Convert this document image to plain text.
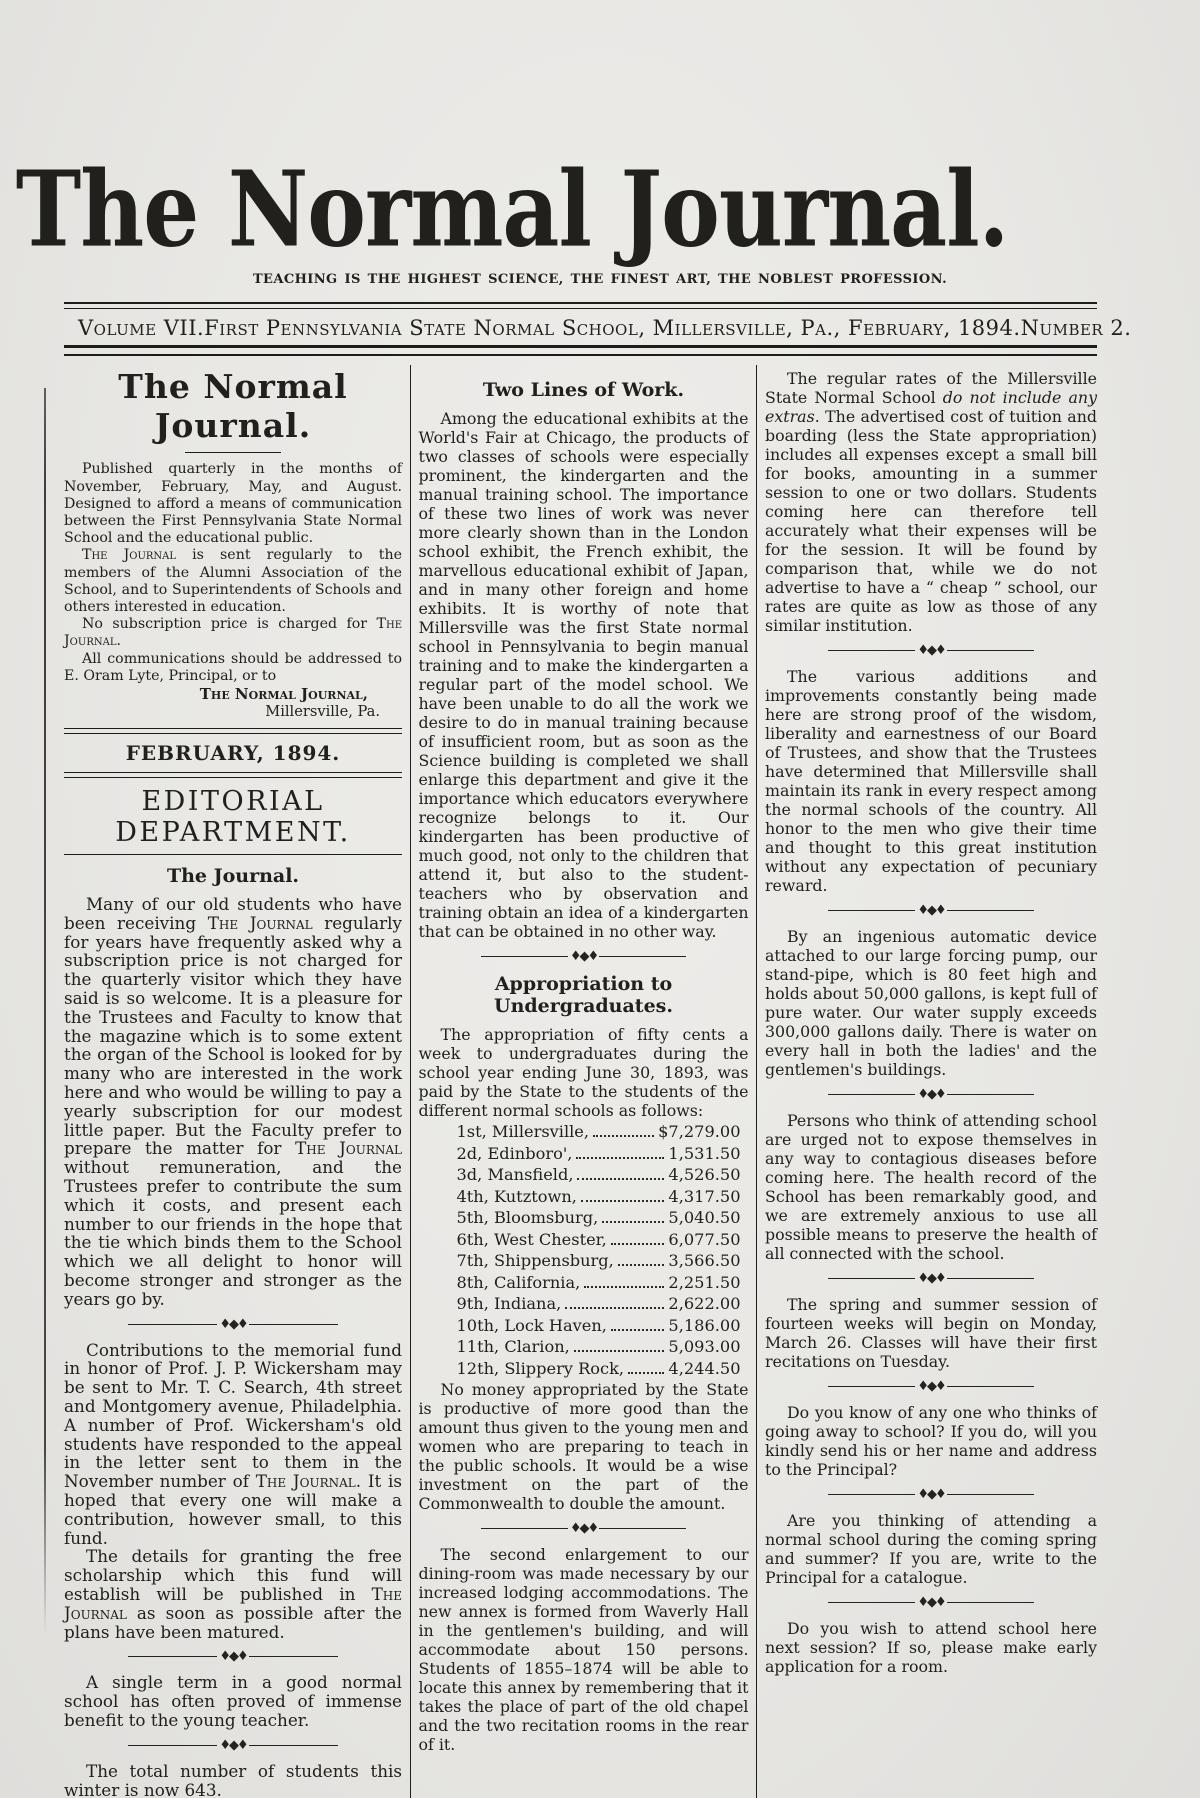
The Normal Journal.
TEACHING IS THE HIGHEST SCIENCE, THE FINEST ART, THE NOBLEST PROFESSION.
Volume VII. First Pennsylvania State Normal School, Millersville, Pa., February, 1894. Number 2.
The Normal Journal.

Published quarterly in the months of November, February, May, and August. Designed to afford a means of communication between the First Pennsylvania State Normal School and the educational public.

The Journal is sent regularly to the members of the Alumni Association of the School, and to Superintendents of Schools and others interested in education.

No subscription price is charged for The Journal.

All communications should be addressed to E. Oram Lyte, Principal, or to

The Normal Journal,

Millersville, Pa.

FEBRUARY, 1894.
EDITORIAL DEPARTMENT.
The Journal.

Many of our old students who have been receiving The Journal regularly for years have frequently asked why a subscription price is not charged for the quarterly visitor which they have said is so welcome. It is a pleasure for the Trustees and Faculty to know that the magazine which is to some extent the organ of the School is looked for by many who are interested in the work here and who would be willing to pay a yearly subscription for our modest little paper. But the Faculty prefer to prepare the matter for The Journal without remuneration, and the Trustees prefer to contribute the sum which it costs, and present each number to our friends in the hope that the tie which binds them to the School which we all delight to honor will become stronger and stronger as the years go by.

♦◆♦

Contributions to the memorial fund in honor of Prof. J. P. Wickersham may be sent to Mr. T. C. Search, 4th street and Montgomery avenue, Philadelphia. A number of Prof. Wickersham's old students have responded to the appeal in the letter sent to them in the November number of The Journal. It is hoped that every one will make a contribution, however small, to this fund.

The details for granting the free scholarship which this fund will establish will be published in The Journal as soon as possible after the plans have been matured.

♦◆♦

A single term in a good normal school has often proved of immense benefit to the young teacher.

♦◆♦

The total number of students this winter is now 643.

Two Lines of Work.

Among the educational exhibits at the World's Fair at Chicago, the products of two classes of schools were especially prominent, the kindergarten and the manual training school. The importance of these two lines of work was never more clearly shown than in the London school exhibit, the French exhibit, the marvellous educational exhibit of Japan, and in many other foreign and home exhibits. It is worthy of note that Millersville was the first State normal school in Pennsylvania to begin manual training and to make the kindergarten a regular part of the model school. We have been unable to do all the work we desire to do in manual training because of insufficient room, but as soon as the Science building is completed we shall enlarge this department and give it the importance which educators everywhere recognize belongs to it. Our kindergarten has been productive of much good, not only to the children that attend it, but also to the student-teachers who by observation and training obtain an idea of a kindergarten that can be obtained in no other way.

♦◆♦
Appropriation to Undergraduates.

The appropriation of fifty cents a week to undergraduates during the school year ending June 30, 1893, was paid by the State to the students of the different normal schools as follows:

1st, Millersville,	$7,279.00
2d, Edinboro',	1,531.50
3d, Mansfield,	4,526.50
4th, Kutztown,	4,317.50
5th, Bloomsburg,	5,040.50
6th, West Chester,	6,077.50
7th, Shippensburg,	3,566.50
8th, California,	2,251.50
9th, Indiana,	2,622.00
10th, Lock Haven,	5,186.00
11th, Clarion,	5,093.00
12th, Slippery Rock,	4,244.50

No money appropriated by the State is productive of more good than the amount thus given to the young men and women who are preparing to teach in the public schools. It would be a wise investment on the part of the Commonwealth to double the amount.

♦◆♦

The second enlargement to our dining-room was made necessary by our increased lodging accommodations. The new annex is formed from Waverly Hall in the gentlemen's building, and will accommodate about 150 persons. Students of 1855–1874 will be able to locate this annex by remembering that it takes the place of part of the old chapel and the two recitation rooms in the rear of it.

The regular rates of the Millersville State Normal School do not include any extras. The advertised cost of tuition and boarding (less the State appropriation) includes all expenses except a small bill for books, amounting in a summer session to one or two dollars. Students coming here can therefore tell accurately what their expenses will be for the session. It will be found by comparison that, while we do not advertise to have a “ cheap ” school, our rates are quite as low as those of any similar institution.

♦◆♦

The various additions and improvements constantly being made here are strong proof of the wisdom, liberality and earnestness of our Board of Trustees, and show that the Trustees have determined that Millersville shall maintain its rank in every respect among the normal schools of the country. All honor to the men who give their time and thought to this great institution without any expectation of pecuniary reward.

♦◆♦

By an ingenious automatic device attached to our large forcing pump, our stand-pipe, which is 80 feet high and holds about 50,000 gallons, is kept full of pure water. Our water supply exceeds 300,000 gallons daily. There is water on every hall in both the ladies' and the gentlemen's buildings.

♦◆♦

Persons who think of attending school are urged not to expose themselves in any way to contagious diseases before coming here. The health record of the School has been remarkably good, and we are extremely anxious to use all possible means to preserve the health of all connected with the school.

♦◆♦

The spring and summer session of fourteen weeks will begin on Monday, March 26. Classes will have their first recitations on Tuesday.

♦◆♦

Do you know of any one who thinks of going away to school? If you do, will you kindly send his or her name and address to the Principal?

♦◆♦

Are you thinking of attending a normal school during the coming spring and summer? If you are, write to the Principal for a catalogue.

♦◆♦

Do you wish to attend school here next session? If so, please make early application for a room.
